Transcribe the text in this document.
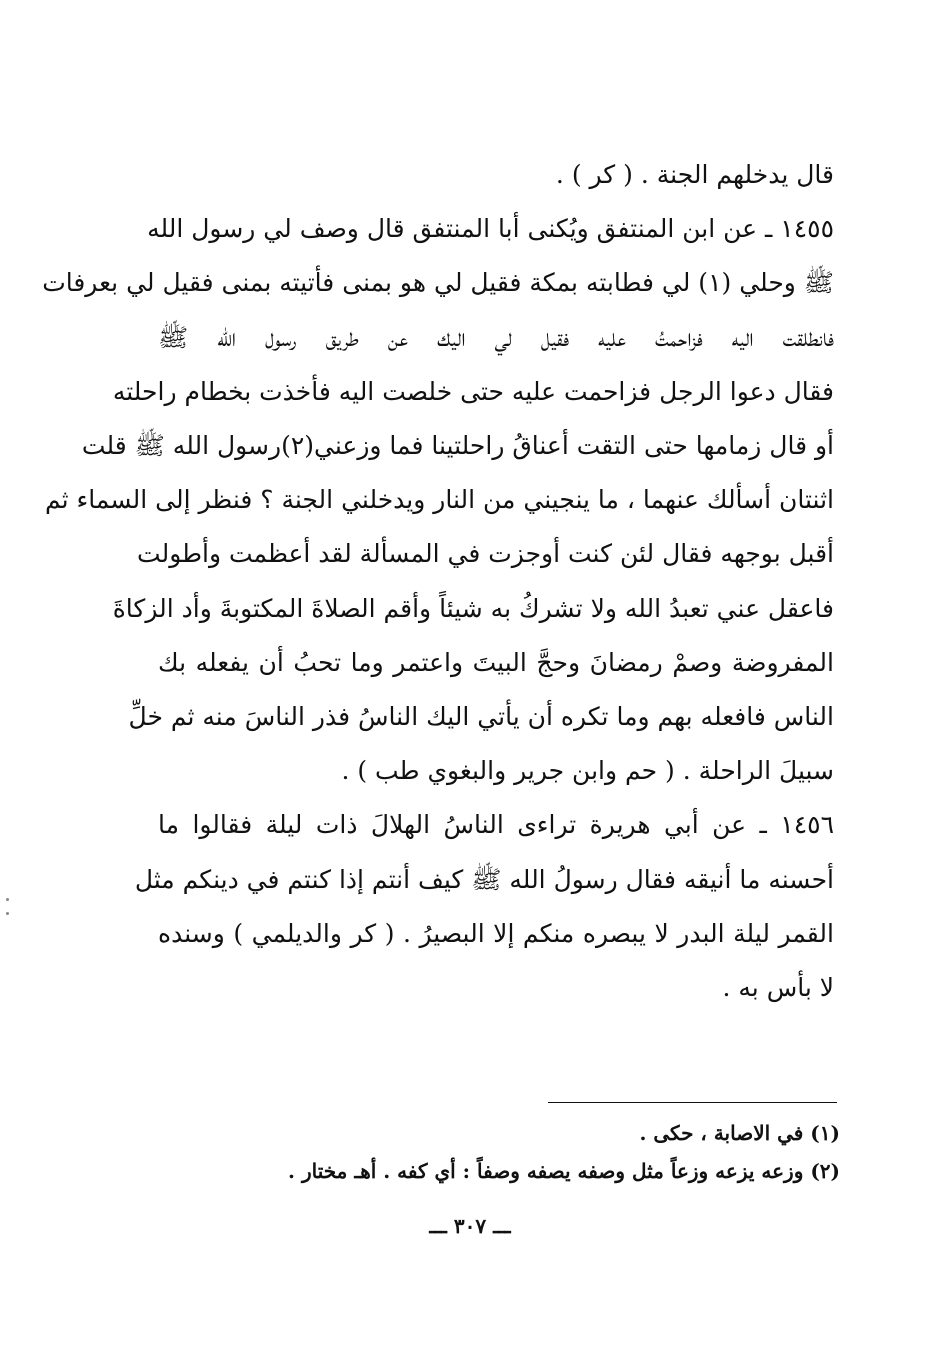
قال يدخلهم الجنة . ( كر ) .
١٤٥٥ ـ عن ابن المنتفق ويُكنى أبا المنتفق قال وصف لي رسول الله
ﷺ وحلي (١) لي فطابته بمكة فقيل لي هو بمنى فأتيته بمنى فقيل لي بعرفات
فانطلقت اليه فزاحمتُ عليه فقيل لي اليك عن طريق رسول الله ﷺ
فقال دعوا الرجل فزاحمت عليه حتى خلصت اليه فأخذت بخطام راحلته
أو قال زمامها حتى التقت أعناقُ راحلتينا فما وزعني(٢)رسول الله ﷺ قلت
اثنتان أسألك عنهما ، ما ينجيني من النار ويدخلني الجنة ؟ فنظر إلى السماء ثم
أقبل بوجهه فقال لئن كنت أوجزت في المسألة لقد أعظمت وأطولت
فاعقل عني تعبدُ الله ولا تشركُ به شيئاً وأقم الصلاةَ المكتوبةَ وأد الزكاةَ
المفروضة وصمْ رمضانَ وحجَّ البيتَ واعتمر وما تحبُ أن يفعله بك
الناس فافعله بهم وما تكره أن يأتي اليك الناسُ فذر الناسَ منه ثم خلِّ
سبيلَ الراحلة . ( حم وابن جرير والبغوي طب ) .
١٤٥٦ ـ عن أبي هريرة تراءى الناسُ الهلالَ ذات ليلة فقالوا ما
أحسنه ما أنيقه فقال رسولُ الله ﷺ كيف أنتم إذا كنتم في دينكم مثل
القمر ليلة البدر لا يبصره منكم إلا البصيرُ . ( كر والديلمي ) وسنده
لا بأس به .
(١) في الاصابة ، حكى .
(٢) وزعه يزعه وزعاً مثل وصفه يصفه وصفاً : أي كفه . أهـ مختار .
ـــ ٣٠٧ ـــ
